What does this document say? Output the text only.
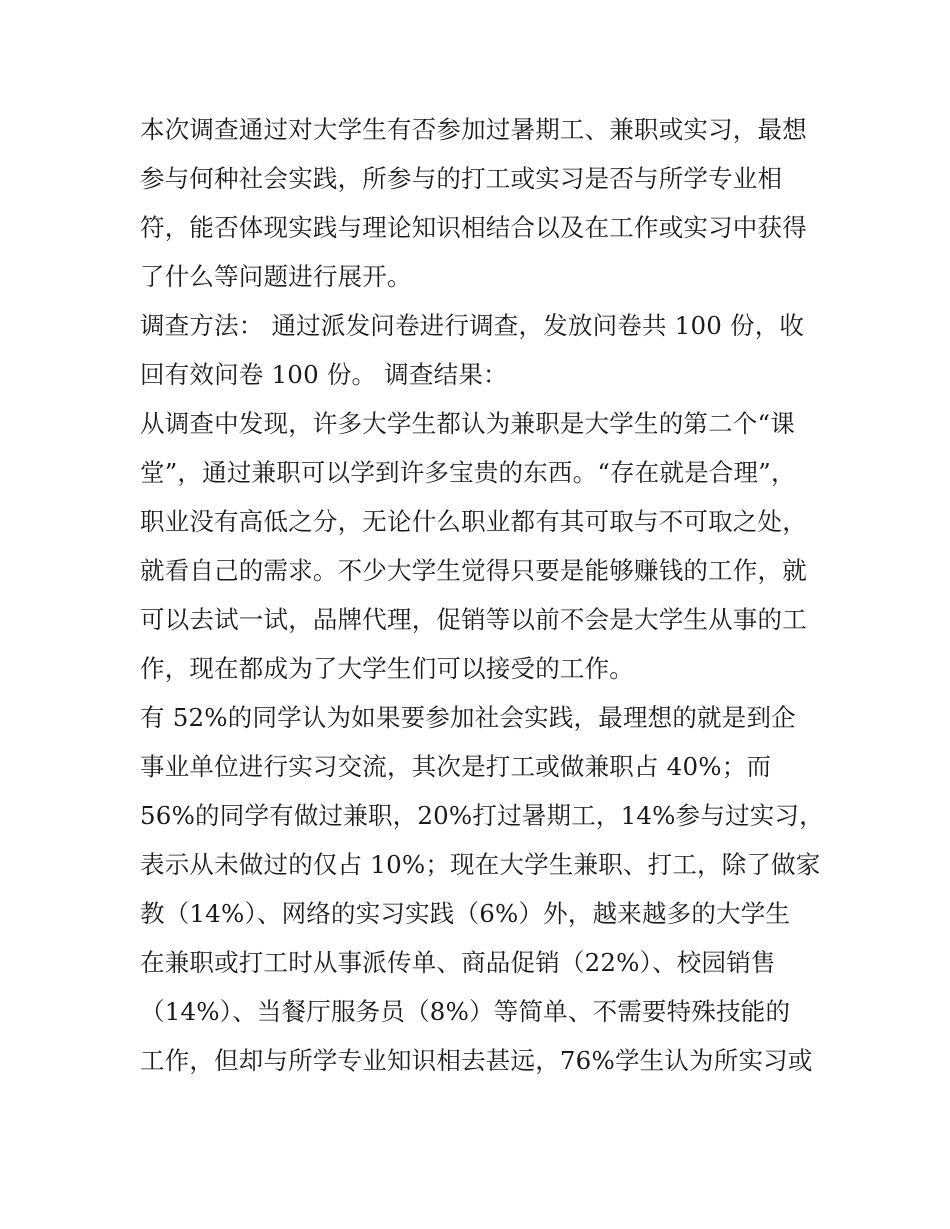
本次调查通过对大学生有否参加过暑期工、兼职或实习，最想
参与何种社会实践，所参与的打工或实习是否与所学专业相
符，能否体现实践与理论知识相结合以及在工作或实习中获得
了什么等问题进行展开。
调查方法： 通过派发问卷进行调查，发放问卷共 100 份，收
回有效问卷 100 份。 调查结果：
从调查中发现，许多大学生都认为兼职是大学生的第二个“课
堂”，通过兼职可以学到许多宝贵的东西。“存在就是合理”，
职业没有高低之分，无论什么职业都有其可取与不可取之处，
就看自己的需求。不少大学生觉得只要是能够赚钱的工作，就
可以去试一试，品牌代理，促销等以前不会是大学生从事的工
作，现在都成为了大学生们可以接受的工作。
有 52%的同学认为如果要参加社会实践，最理想的就是到企
事业单位进行实习交流，其次是打工或做兼职占 40%；而
56%的同学有做过兼职，20%打过暑期工，14%参与过实习，
表示从未做过的仅占 10%；现在大学生兼职、打工，除了做家
教（14%）、网络的实习实践（6%）外，越来越多的大学生
在兼职或打工时从事派传单、商品促销（22%）、校园销售
（14%）、当餐厅服务员（8%）等简单、不需要特殊技能的
工作，但却与所学专业知识相去甚远，76%学生认为所实习或
